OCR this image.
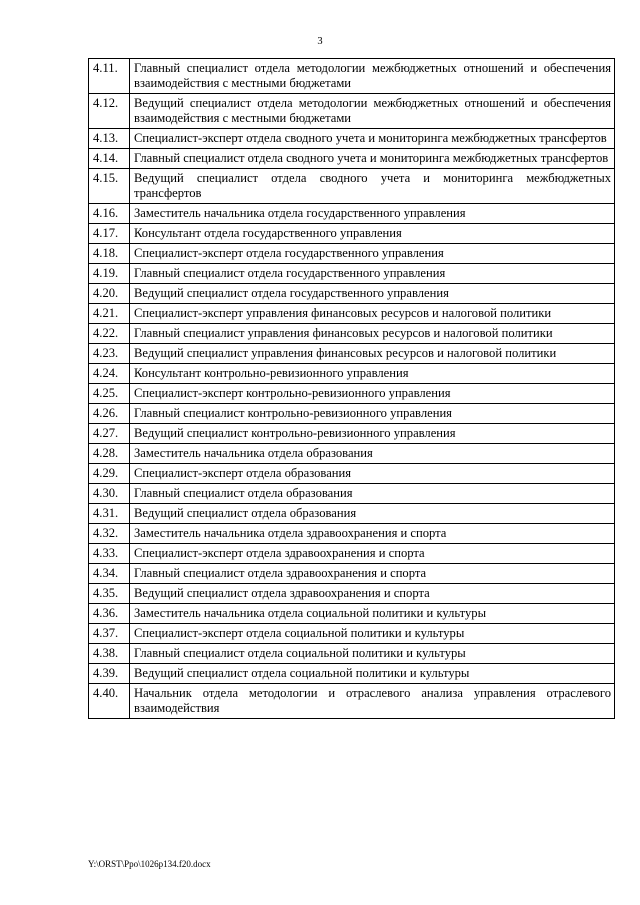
3
4.11.	Главный специалист отдела методологии межбюджетных отношений и обеспечения взаимодействия с местными бюджетами
4.12.	Ведущий специалист отдела методологии межбюджетных отношений и обеспечения взаимодействия с местными бюджетами
4.13.	Специалист-эксперт отдела сводного учета и мониторинга межбюджетных трансфертов
4.14.	Главный специалист отдела сводного учета и мониторинга межбюджетных трансфертов
4.15.	Ведущий специалист отдела сводного учета и мониторинга межбюджетных трансфертов
4.16.	Заместитель начальника отдела государственного управления
4.17.	Консультант отдела государственного управления
4.18.	Специалист-эксперт отдела государственного управления
4.19.	Главный специалист отдела государственного управления
4.20.	Ведущий специалист отдела государственного управления
4.21.	Специалист-эксперт управления финансовых ресурсов и налоговой политики
4.22.	Главный специалист управления финансовых ресурсов и налоговой политики
4.23.	Ведущий специалист управления финансовых ресурсов и налоговой политики
4.24.	Консультант контрольно-ревизионного управления
4.25.	Специалист-эксперт контрольно-ревизионного управления
4.26.	Главный специалист контрольно-ревизионного управления
4.27.	Ведущий специалист контрольно-ревизионного управления
4.28.	Заместитель начальника отдела образования
4.29.	Специалист-эксперт отдела образования
4.30.	Главный специалист отдела образования
4.31.	Ведущий специалист отдела образования
4.32.	Заместитель начальника отдела здравоохранения и спорта
4.33.	Специалист-эксперт отдела здравоохранения и спорта
4.34.	Главный специалист отдела здравоохранения и спорта
4.35.	Ведущий специалист отдела здравоохранения и спорта
4.36.	Заместитель начальника отдела социальной политики и культуры
4.37.	Специалист-эксперт отдела социальной политики и культуры
4.38.	Главный специалист отдела социальной политики и культуры
4.39.	Ведущий специалист отдела социальной политики и культуры
4.40.	Начальник отдела методологии и отраслевого анализа управления отраслевого взаимодействия
Y:\ORST\Ppo\1026p134.f20.docx
